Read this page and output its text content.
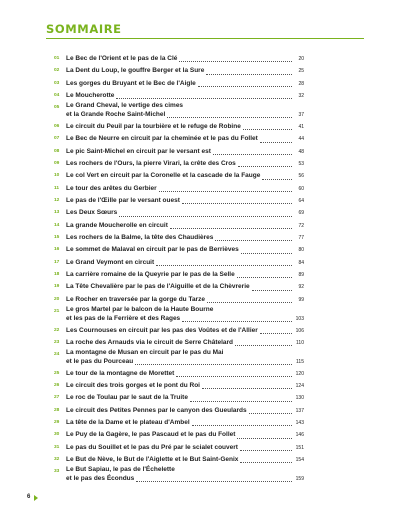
SOMMAIRE
01	Le Bec de l'Orient et le pas de la Clé	20
02	La Dent du Loup, le gouffre Berger et la Sure	25
03	Les gorges du Bruyant et le Bec de l'Aigle	28
04	Le Moucherotte	32
05	Le Grand Cheval, le vertige des cimes
et la Grande Roche Saint-Michel	37
06	Le circuit du Peuil par la tourbière et le refuge de Robine	41
07	Le Bec de Neurre en circuit par la cheminée et le pas du Follet	44
08	Le pic Saint-Michel en circuit par le versant est	48
09	Les rochers de l'Ours, la pierre Virari, la crête des Cros	53
10	Le col Vert en circuit par la Coronelle et la cascade de la Fauge	56
11	Le tour des arêtes du Gerbier	60
12	Le pas de l'Œille par le versant ouest	64
13	Les Deux Sœurs	69
14	La grande Moucherolle en circuit	72
15	Les rochers de la Balme, la tête des Chaudières	77
16	Le sommet de Malaval en circuit par le pas de Berrièves	80
17	Le Grand Veymont en circuit	84
18	La carrière romaine de la Queyrie par le pas de la Selle	89
19	La Tête Chevalière par le pas de l'Aiguille et de la Chèvrerie	92
20	Le Rocher en traversée par la gorge du Tarze	99
21	Le gros Martel par le balcon de la Haute Bourne
et les pas de la Ferrière et des Rages	103
22	Les Cournouses en circuit par les pas des Voûtes et de l'Allier	106
23	La roche des Arnauds via le circuit de Serre Châtelard	110
24	La montagne de Musan en circuit par le pas du Mai
et le pas du Pourceau	115
25	Le tour de la montagne de Morettet	120
26	Le circuit des trois gorges et le pont du Roi	124
27	Le roc de Toulau par le saut de la Truite	130
28	Le circuit des Petites Pennes par le canyon des Gueulards	137
29	La tête de la Dame et le plateau d'Ambel	143
30	Le Puy de la Gagère, le pas Pascaud et le pas du Follet	146
31	Le pas du Souillet et le pas du Pré par le scialet couvert	151
32	Le But de Nève, le But de l'Aiglette et le But Saint-Genix	154
33	Le But Sapiau, le pas de l'Échelette
et le pas des Écondus	159
6
